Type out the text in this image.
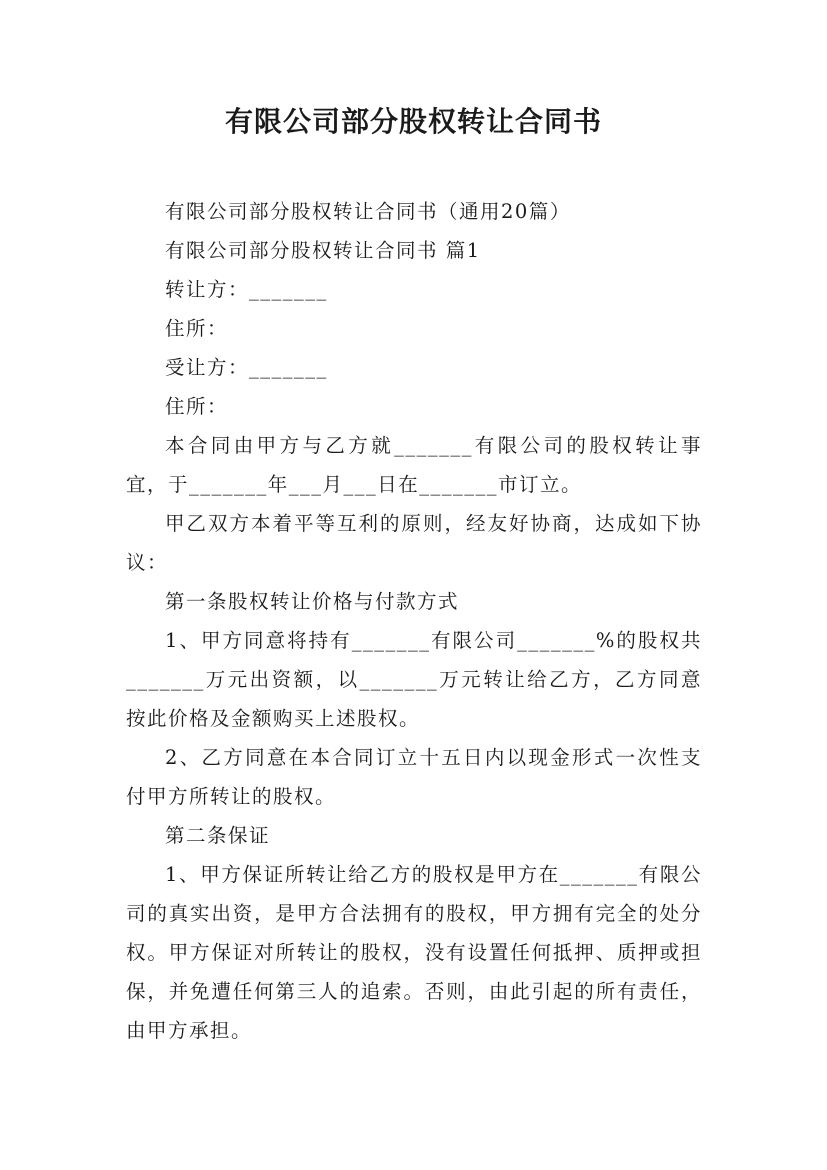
有限公司部分股权转让合同书

有限公司部分股权转让合同书（通用20篇）

有限公司部分股权转让合同书 篇1

转让方：_______

住所：

受让方：_______

住所：

本合同由甲方与乙方就_______有限公司的股权转让事宜，于_______年___月___日在_______市订立。

甲乙双方本着平等互利的原则，经友好协商，达成如下协议：

第一条股权转让价格与付款方式

1、甲方同意将持有_______有限公司_______%的股权共_______万元出资额，以_______万元转让给乙方，乙方同意按此价格及金额购买上述股权。

2、乙方同意在本合同订立十五日内以现金形式一次性支付甲方所转让的股权。

第二条保证

1、甲方保证所转让给乙方的股权是甲方在_______有限公司的真实出资，是甲方合法拥有的股权，甲方拥有完全的处分权。甲方保证对所转让的股权，没有设置任何抵押、质押或担保，并免遭任何第三人的追索。否则，由此引起的所有责任，由甲方承担。
